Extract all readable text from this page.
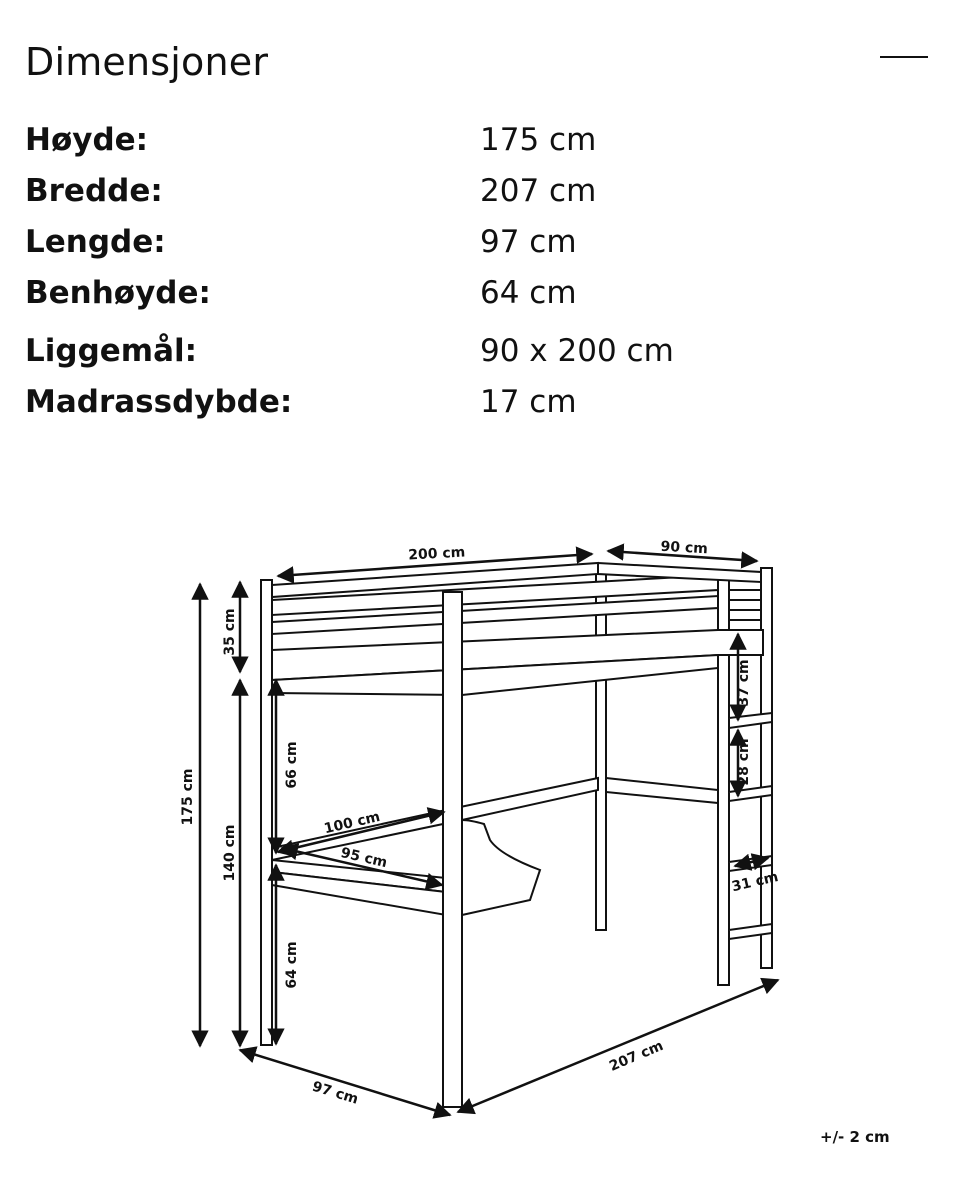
Dimensjoner
Høyde:	175 cm
Bredde:	207 cm
Lengde:	97 cm
Benhøyde:	64 cm
Liggemål:	90 x 200 cm
Madrassdybde:	17 cm
200 cm	90 cm
35 cm
175 cm
140 cm
66 cm
64 cm
100 cm
95 cm
37 cm
28 cm
31 cm
207 cm
97 cm
+/- 2 cm
